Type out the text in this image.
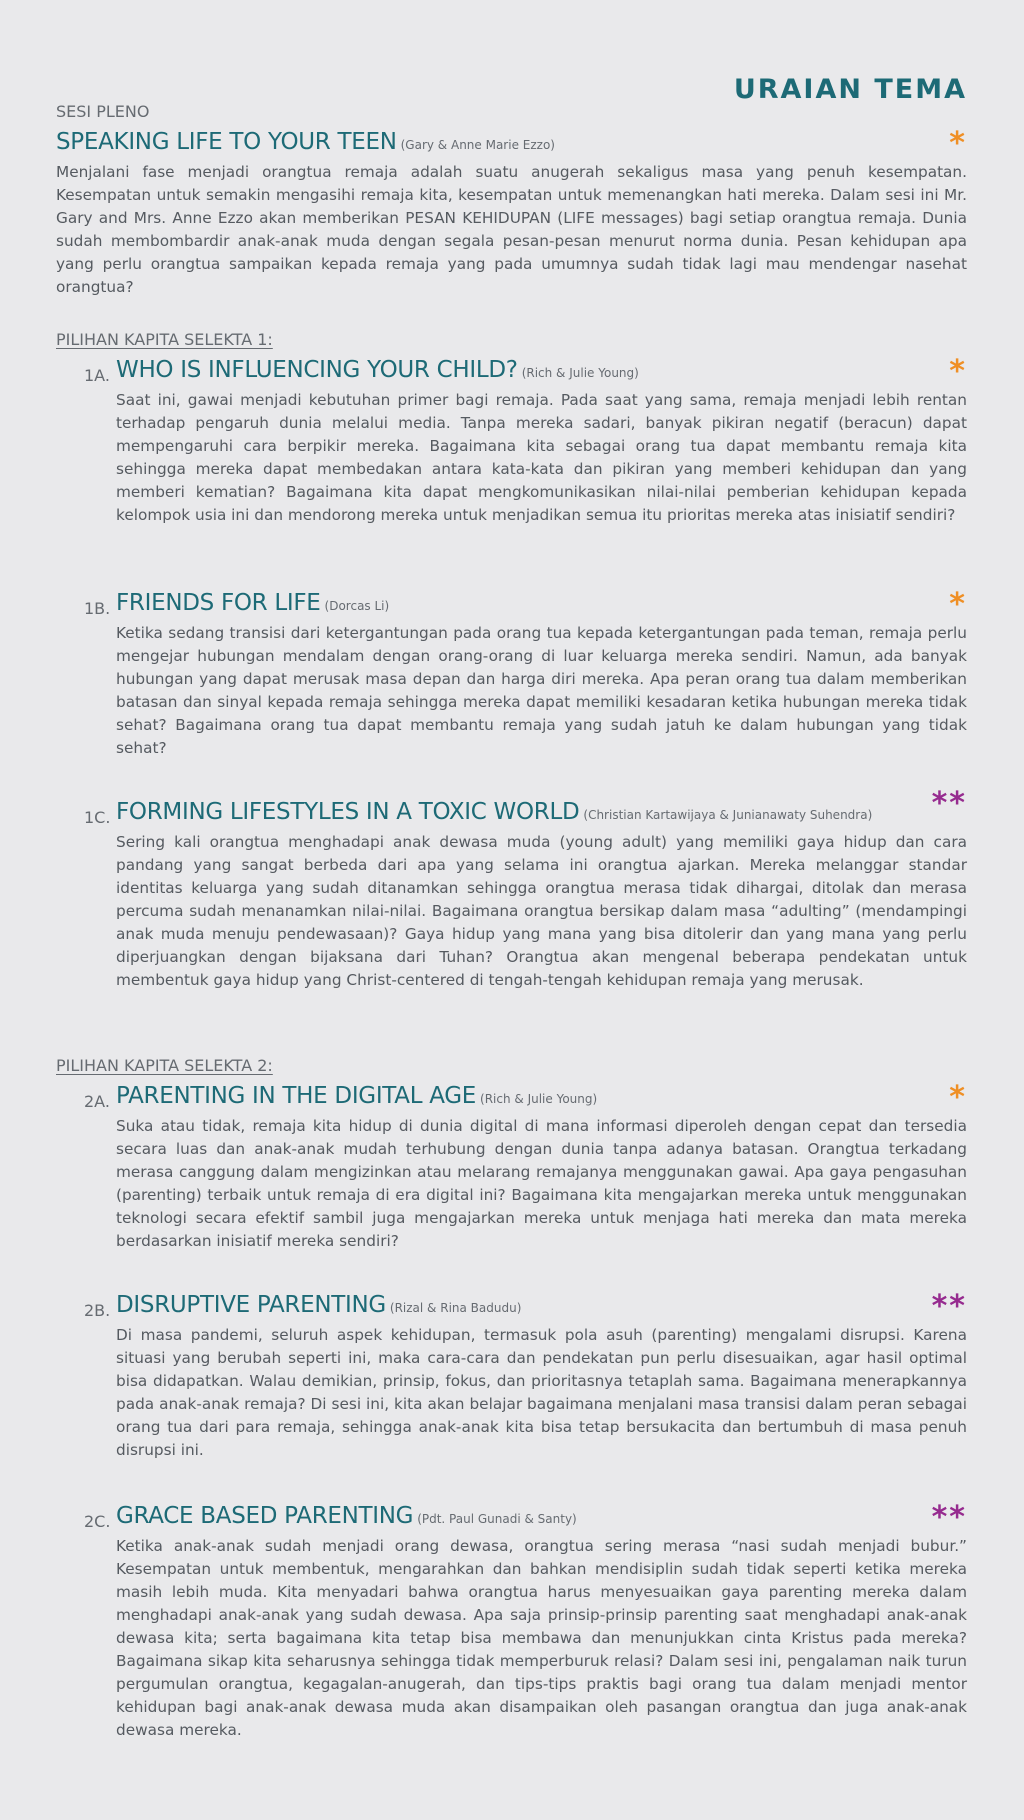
URAIAN TEMA
SESI PLENO
SPEAKING LIFE TO YOUR TEEN (Gary & Anne Marie Ezzo)	*

Menjalani fase menjadi orangtua remaja adalah suatu anugerah sekaligus masa yang penuh kesempatan. Kesempatan untuk semakin mengasihi remaja kita, kesempatan untuk memenangkan hati mereka. Dalam sesi ini Mr. Gary and Mrs. Anne Ezzo akan memberikan PESAN KEHIDUPAN (LIFE messages) bagi setiap orangtua remaja. Dunia sudah membombardir anak-anak muda dengan segala pesan-pesan menurut norma dunia. Pesan kehidupan apa yang perlu orangtua sampaikan kepada remaja yang pada umumnya sudah tidak lagi mau mendengar nasehat orangtua?

PILIHAN KAPITA SELEKTA 1:
1A. WHO IS INFLUENCING YOUR CHILD? (Rich & Julie Young)	*

Saat ini, gawai menjadi kebutuhan primer bagi remaja. Pada saat yang sama, remaja menjadi lebih rentan terhadap pengaruh dunia melalui media. Tanpa mereka sadari, banyak pikiran negatif (beracun) dapat mempengaruhi cara berpikir mereka. Bagaimana kita sebagai orang tua dapat membantu remaja kita sehingga mereka dapat membedakan antara kata-kata dan pikiran yang memberi kehidupan dan yang memberi kematian? Bagaimana kita dapat mengkomunikasikan nilai-nilai pemberian kehidupan kepada kelompok usia ini dan mendorong mereka untuk menjadikan semua itu prioritas mereka atas inisiatif sendiri?

1B. FRIENDS FOR LIFE (Dorcas Li)	*

Ketika sedang transisi dari ketergantungan pada orang tua kepada ketergantungan pada teman, remaja perlu mengejar hubungan mendalam dengan orang-orang di luar keluarga mereka sendiri. Namun, ada banyak hubungan yang dapat merusak masa depan dan harga diri mereka. Apa peran orang tua dalam memberikan batasan dan sinyal kepada remaja sehingga mereka dapat memiliki kesadaran ketika hubungan mereka tidak sehat? Bagaimana orang tua dapat membantu remaja yang sudah jatuh ke dalam hubungan yang tidak sehat?

1C. FORMING LIFESTYLES IN A TOXIC WORLD (Christian Kartawijaya & Junianawaty Suhendra) **

Sering kali orangtua menghadapi anak dewasa muda (young adult) yang memiliki gaya hidup dan cara pandang yang sangat berbeda dari apa yang selama ini orangtua ajarkan. Mereka melanggar standar identitas keluarga yang sudah ditanamkan sehingga orangtua merasa tidak dihargai, ditolak dan merasa percuma sudah menanamkan nilai-nilai. Bagaimana orangtua bersikap dalam masa “adulting” (mendampingi anak muda menuju pendewasaan)? Gaya hidup yang mana yang bisa ditolerir dan yang mana yang perlu diperjuangkan dengan bijaksana dari Tuhan? Orangtua akan mengenal beberapa pendekatan untuk membentuk gaya hidup yang Christ-centered di tengah-tengah kehidupan remaja yang merusak.

PILIHAN KAPITA SELEKTA 2:
2A. PARENTING IN THE DIGITAL AGE (Rich & Julie Young)	*

Suka atau tidak, remaja kita hidup di dunia digital di mana informasi diperoleh dengan cepat dan tersedia secara luas dan anak-anak mudah terhubung dengan dunia tanpa adanya batasan. Orangtua terkadang merasa canggung dalam mengizinkan atau melarang remajanya menggunakan gawai. Apa gaya pengasuhan (parenting) terbaik untuk remaja di era digital ini? Bagaimana kita mengajarkan mereka untuk menggunakan teknologi secara efektif sambil juga mengajarkan mereka untuk menjaga hati mereka dan mata mereka berdasarkan inisiatif mereka sendiri?

2B. DISRUPTIVE PARENTING (Rizal & Rina Badudu)	**

Di masa pandemi, seluruh aspek kehidupan, termasuk pola asuh (parenting) mengalami disrupsi. Karena situasi yang berubah seperti ini, maka cara-cara dan pendekatan pun perlu disesuaikan, agar hasil optimal bisa didapatkan. Walau demikian, prinsip, fokus, dan prioritasnya tetaplah sama. Bagaimana menerapkannya pada anak-anak remaja? Di sesi ini, kita akan belajar bagaimana menjalani masa transisi dalam peran sebagai orang tua dari para remaja, sehingga anak-anak kita bisa tetap bersukacita dan bertumbuh di masa penuh disrupsi ini.

2C. GRACE BASED PARENTING (Pdt. Paul Gunadi & Santy)	**

Ketika anak-anak sudah menjadi orang dewasa, orangtua sering merasa “nasi sudah menjadi bubur.” Kesempatan untuk membentuk, mengarahkan dan bahkan mendisiplin sudah tidak seperti ketika mereka masih lebih muda. Kita menyadari bahwa orangtua harus menyesuaikan gaya parenting mereka dalam menghadapi anak-anak yang sudah dewasa. Apa saja prinsip-prinsip parenting saat menghadapi anak-anak dewasa kita; serta bagaimana kita tetap bisa membawa dan menunjukkan cinta Kristus pada mereka? Bagaimana sikap kita seharusnya sehingga tidak memperburuk relasi? Dalam sesi ini, pengalaman naik turun pergumulan orangtua, kegagalan-anugerah, dan tips-tips praktis bagi orang tua dalam menjadi mentor kehidupan bagi anak-anak dewasa muda akan disampaikan oleh pasangan orangtua dan juga anak-anak dewasa mereka.
